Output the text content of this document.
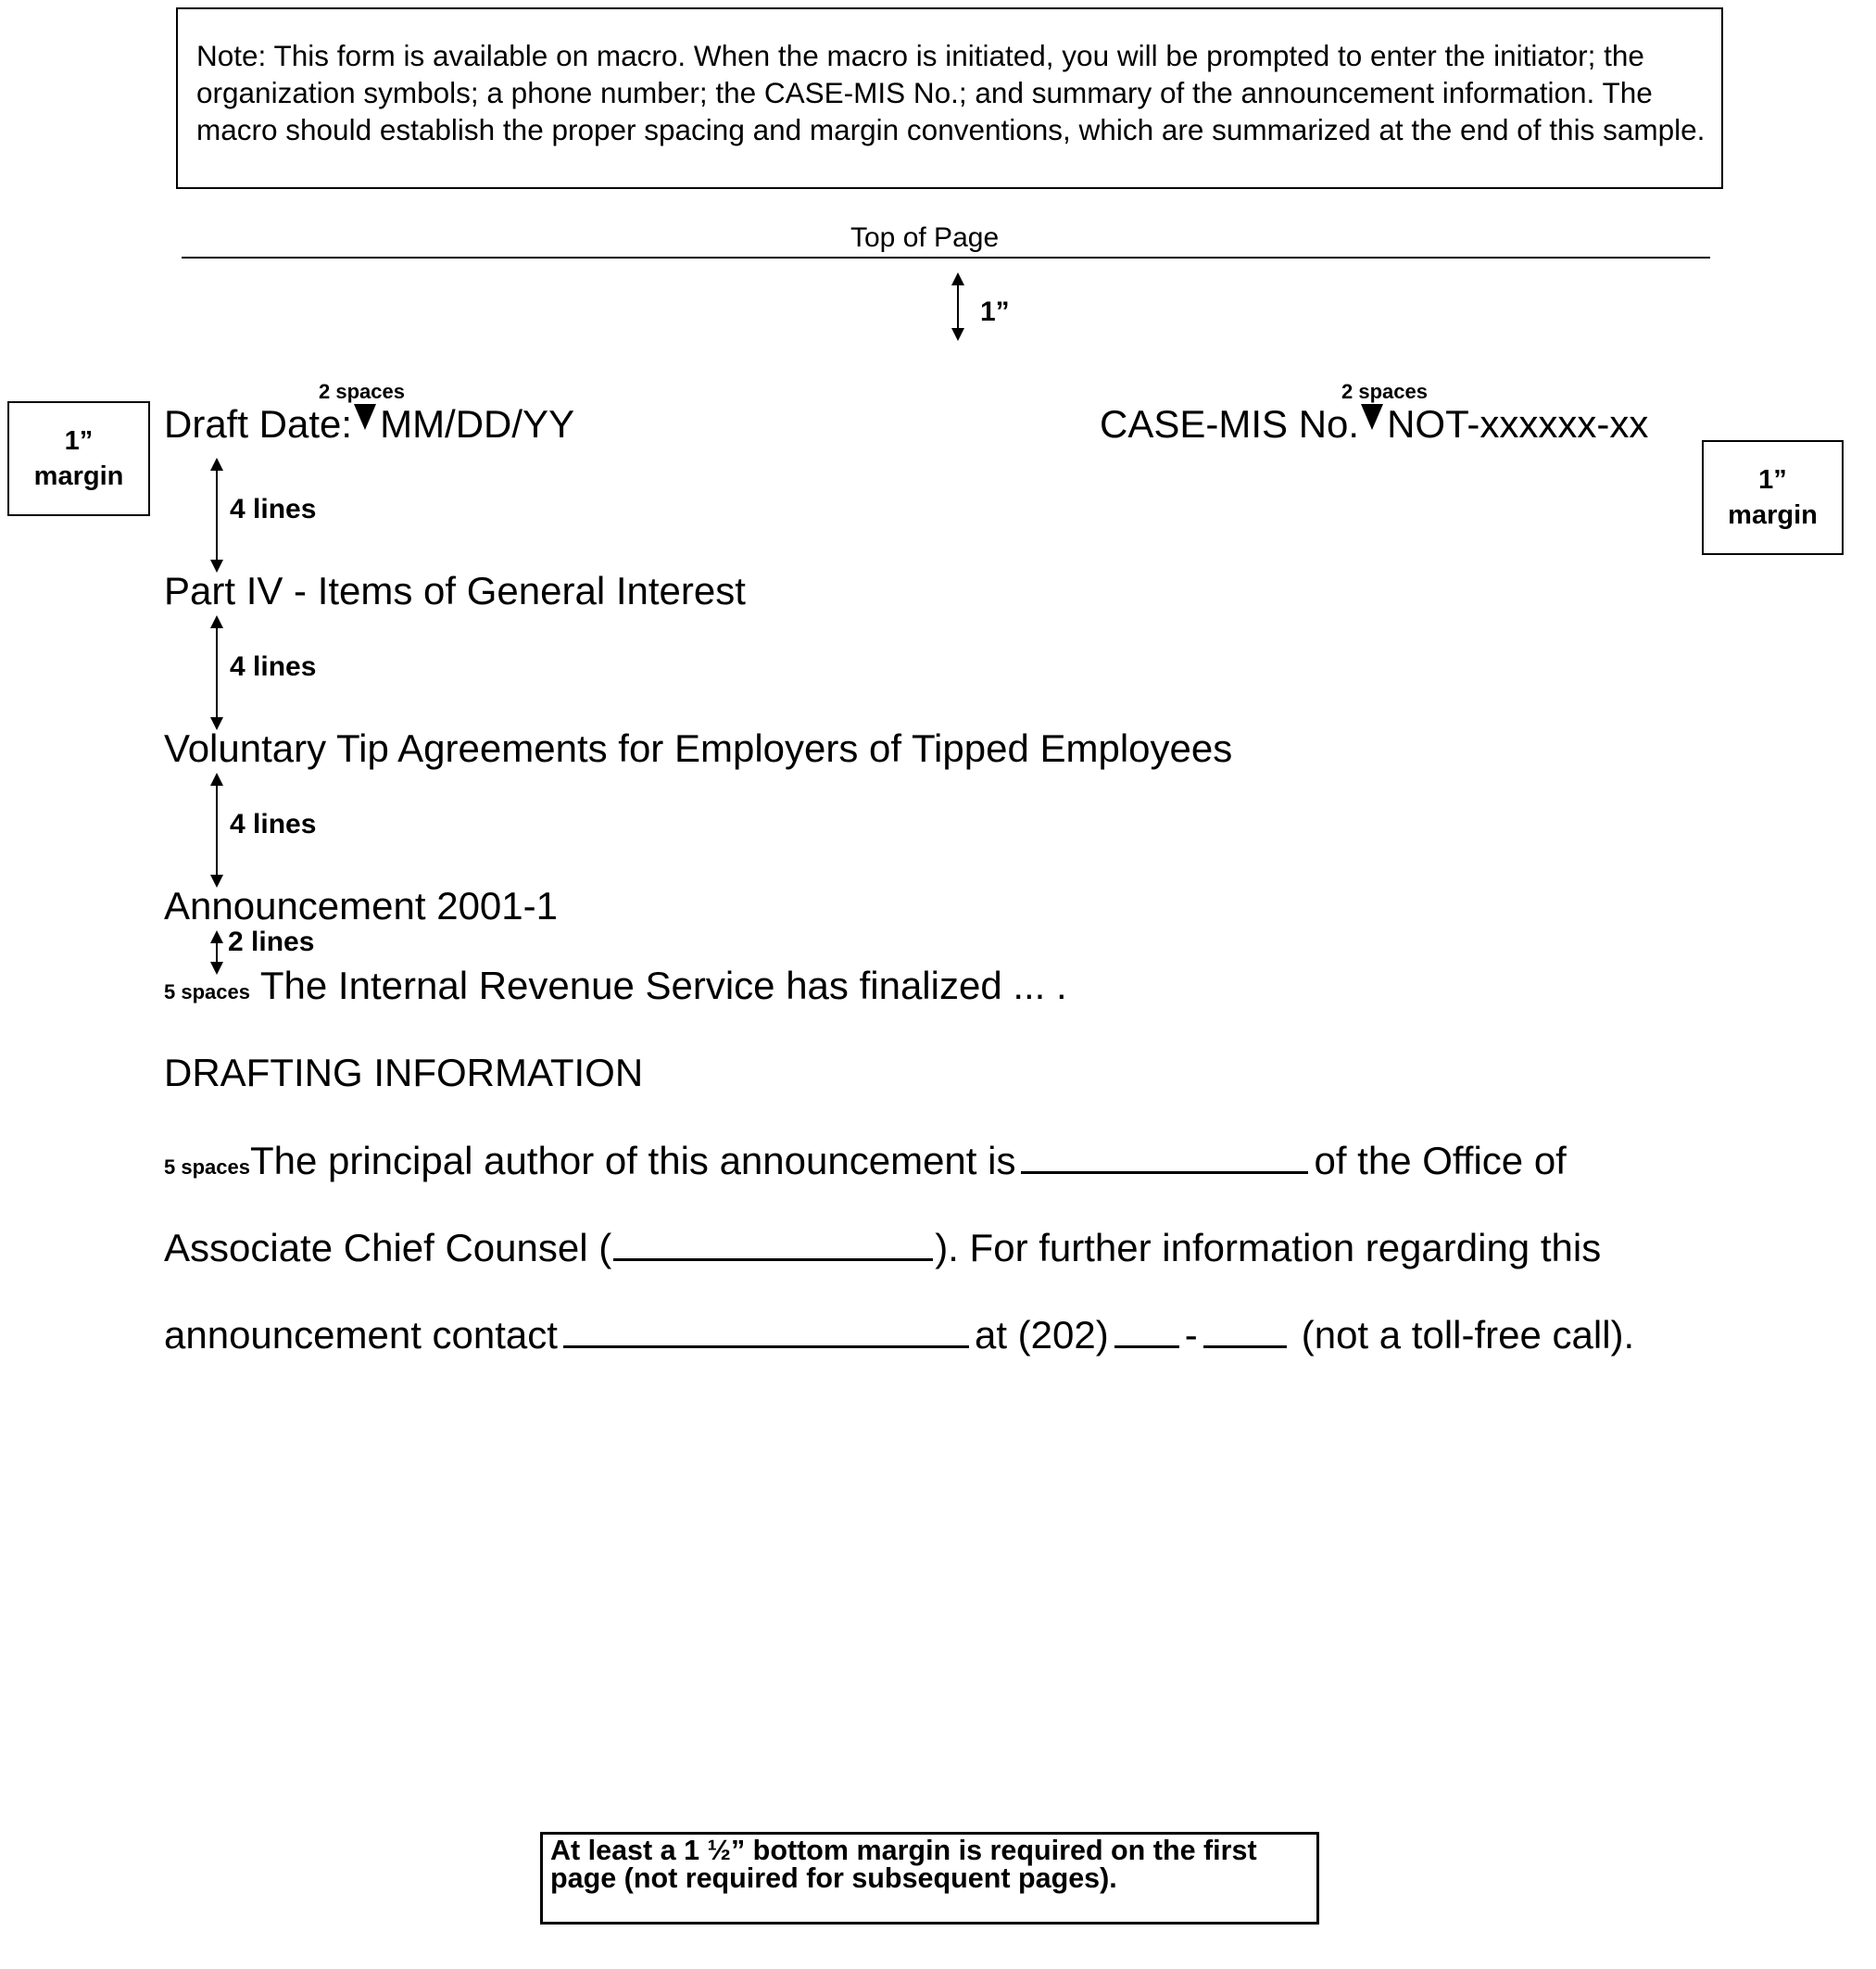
Note: This form is available on macro. When the macro is initiated, you will be prompted to enter the initiator; the organization symbols; a phone number; the CASE-MIS No.; and summary of the announcement information. The macro should establish the proper spacing and margin conventions, which are summarized at the end of this sample.
Top of Page
1”
1”
margin	1”
margin
2 spaces
Draft Date: MM/DD/YY
2 spaces
CASE-MIS No. NOT-xxxxxx-xx
4 lines
Part IV - Items of General Interest
4 lines
Voluntary Tip Agreements for Employers of Tipped Employees
4 lines
Announcement 2001-1
2 lines
5 spaces The Internal Revenue Service has finalized ... .
DRAFTING INFORMATION
5 spacesThe principal author of this announcement is	of the Office of
Associate Chief Counsel (	). For further information regarding this
announcement contact	at (202) -	(not a toll-free call).
At least a 1 ½” bottom margin is required on the first page (not required for subsequent pages).
